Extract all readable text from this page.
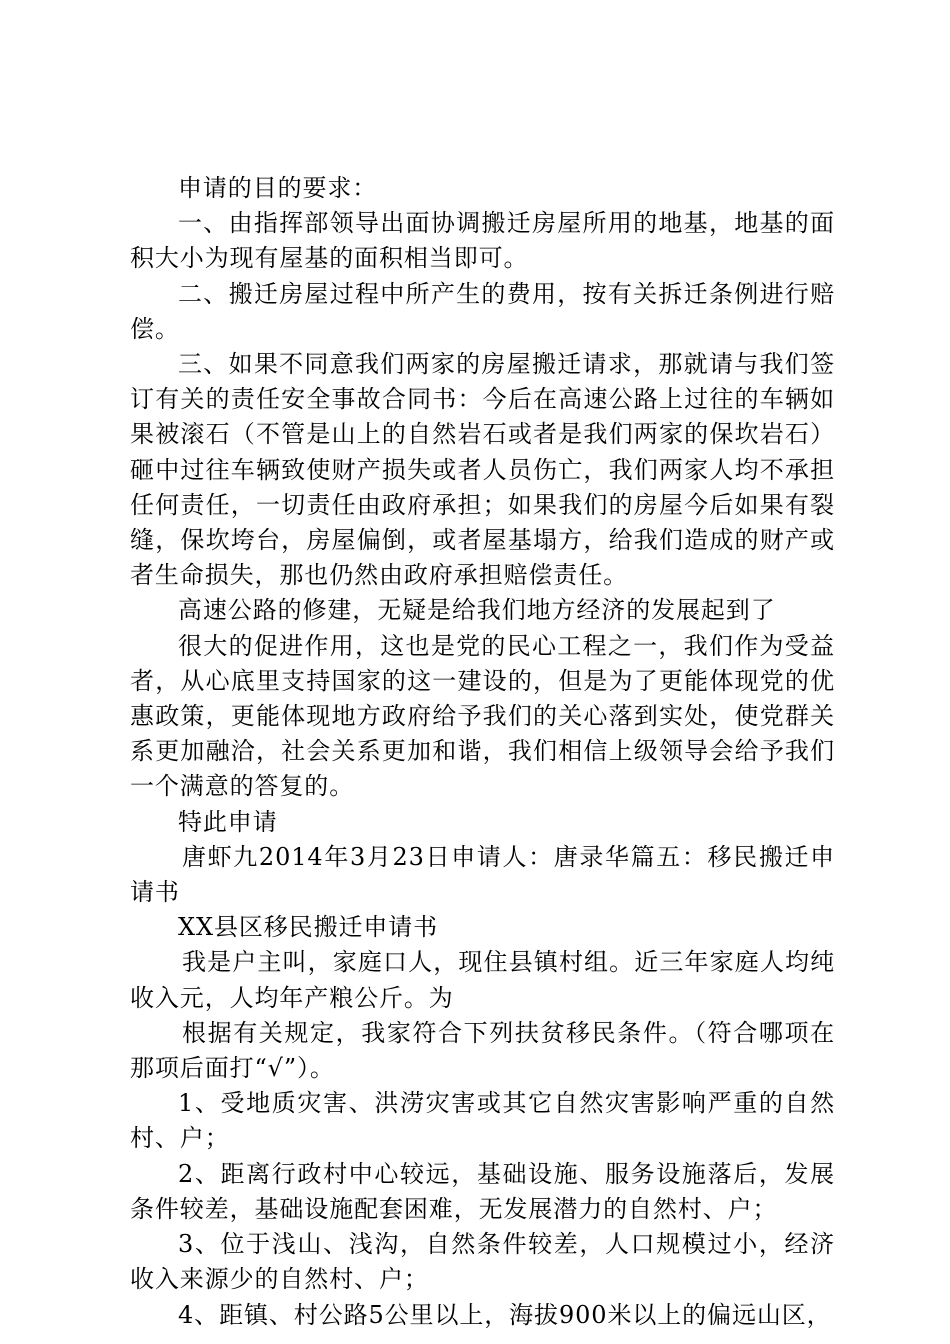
申请的目的要求：

一、由指挥部领导出面协调搬迁房屋所用的地基，地基的面积大小为现有屋基的面积相当即可。

二、搬迁房屋过程中所产生的费用，按有关拆迁条例进行赔偿。

三、如果不同意我们两家的房屋搬迁请求，那就请与我们签订有关的责任安全事故合同书：今后在高速公路上过往的车辆如果被滚石（不管是山上的自然岩石或者是我们两家的保坎岩石）砸中过往车辆致使财产损失或者人员伤亡，我们两家人均不承担任何责任，一切责任由政府承担；如果我们的房屋今后如果有裂缝，保坎垮台，房屋偏倒，或者屋基塌方，给我们造成的财产或者生命损失，那也仍然由政府承担赔偿责任。

高速公路的修建，无疑是给我们地方经济的发展起到了

很大的促进作用，这也是党的民心工程之一，我们作为受益者，从心底里支持国家的这一建设的，但是为了更能体现党的优惠政策，更能体现地方政府给予我们的关心落到实处，使党群关系更加融洽，社会关系更加和谐，我们相信上级领导会给予我们一个满意的答复的。

特此申请

唐虾九2014年3月23日申请人：唐录华篇五：移民搬迁申请书

XX县区移民搬迁申请书

我是户主叫，家庭口人，现住县镇村组。近三年家庭人均纯收入元，人均年产粮公斤。为

根据有关规定，我家符合下列扶贫移民条件。（符合哪项在那项后面打“√”）。

1、受地质灾害、洪涝灾害或其它自然灾害影响严重的自然村、户；

2、距离行政村中心较远，基础设施、服务设施落后，发展条件较差，基础设施配套困难，无发展潜力的自然村、户；

3、位于浅山、浅沟，自然条件较差，人口规模过小，经济收入来源少的自然村、户；

4、距镇、村公路5公里以上，海拔900米以上的偏远山区，
